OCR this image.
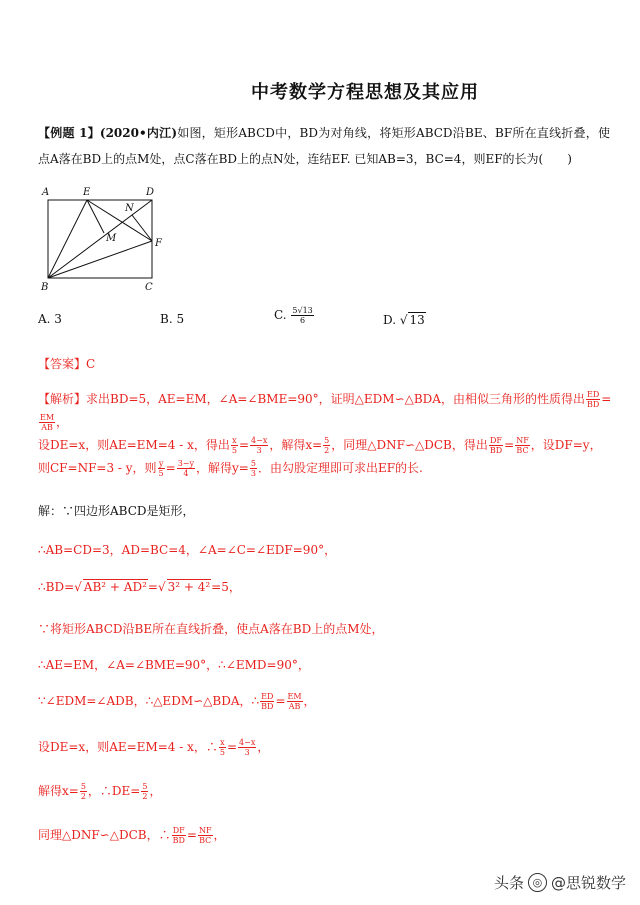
中考数学方程思想及其应用
【例题 1】(2020•内江)如图，矩形ABCD中，BD为对角线，将矩形ABCD沿BE、BF所在直线折叠，使点A落在BD上的点M处，点C落在BD上的点N处，连结EF. 已知AB=3，BC=4，则EF的长为(　　)
A	E	D
N
M	F
B	C
A. 3	B. 5	C. $\frac{5√13}{6}$	D. √ 13
【答案】C
【解析】求出BD=5，AE=EM，∠A=∠BME=90°，证明△EDM∽△BDA，由相似三角形的性质得出 $\frac{ED}{BD}$ =
$\frac{EM}{AB}$ ，
设DE=x，则AE=EM=4 - x，得出 $\frac{x}{5} = \frac{4-x}{3}$ ，解得$x= \frac{5}{2}$ ，同理△DNF∽△DCB，得出 $\frac{DF}{BD} = \frac{NF}{BC}$ ，设DF=y，
则CF=NF=3 - y，则 $\frac{y}{5} = \frac{3-y}{4}$ ，解得$y= \frac{5}{3}$ ．由勾股定理即可求出EF的长.
解：∵四边形ABCD是矩形，
∴AB=CD=3，AD=BC=4，∠A=∠C=∠EDF=90°，
∴BD=√ AB² + AD²=√ 3² + 4²=5，
∵将矩形ABCD沿BE所在直线折叠，使点A落在BD上的点M处，
∴AE=EM，∠A=∠BME=90°，∴∠EMD=90°，
∵∠EDM=∠ADB，∴△EDM∽△BDA，∴ $\frac{ED}{BD} = \frac{EM}{AB}$ ，
设DE=x，则AE=EM=4 - x，∴ $\frac{x}{5} = \frac{4-x}{3}$ ，
解得$x= \frac{5}{2}$ ，∴DE= $\frac{5}{2}$ ，
同理△DNF∽△DCB，∴ $\frac{DF}{BD} = \frac{NF}{BC}$ ，
头条 ◎ @思锐数学
